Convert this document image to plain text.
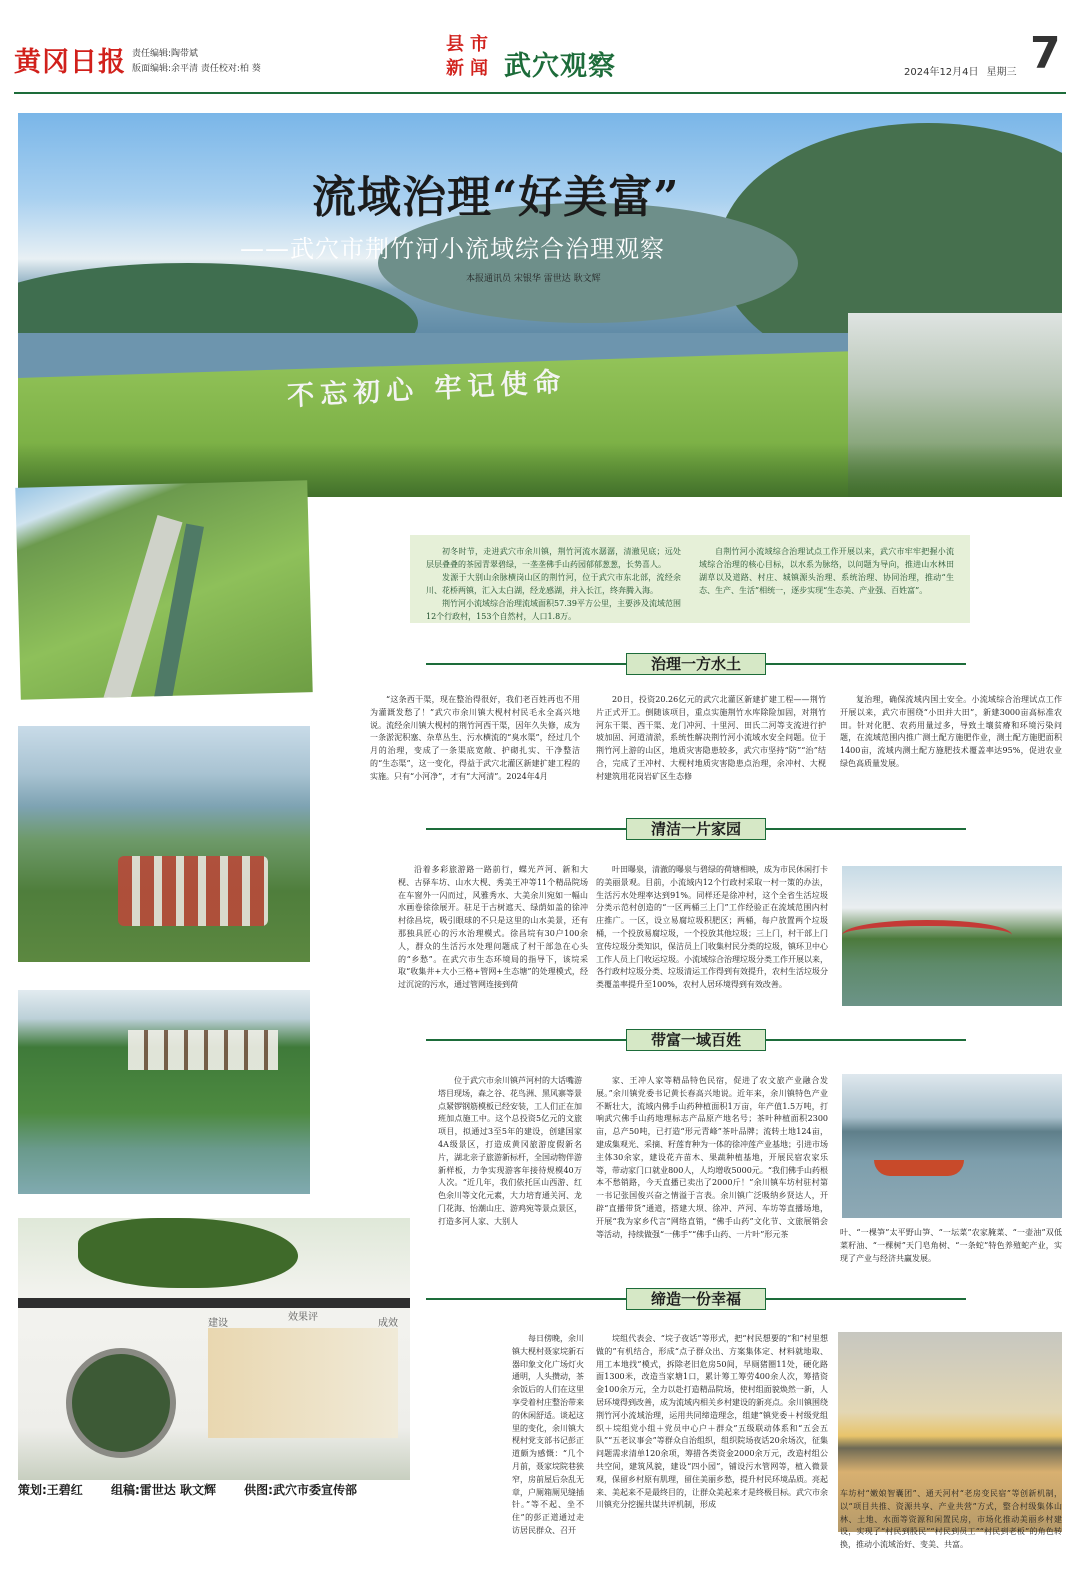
黄冈日报 责任编辑:陶带斌
版面编辑:余平清 责任校对:柏 葵
县 市
新 闻 武穴观察	2024年12月4日 星期三 7
流域治理“好美富”
——武穴市荆竹河小流域综合治理观察
本报通讯员 宋银华 雷世达 耿文辉
不忘初心 牢记使命
建设
效果评
成效

初冬时节，走进武穴市余川镇，荆竹河流水潺潺，清澈见底；远处层层叠叠的茶园青翠碧绿，一垄垄佛手山药园郁郁葱葱，长势喜人。

发源于大别山余脉横岗山区的荆竹河，位于武穴市东北部，流经余川、花桥两镇，汇入太白湖，经龙感湖，并入长江，终奔腾入海。

荆竹河小流域综合治理流域面积57.39平方公里，主要涉及流域范围12个行政村，153个自然村，人口1.8万。

自荆竹河小流域综合治理试点工作开展以来，武穴市牢牢把握小流域综合治理的核心目标，以水系为脉络，以问题为导向，推进山水林田湖草以及道路、村庄、城镇源头治理、系统治理、协同治理，推动“生态、生产、生活”相统一，逐步实现“生态美、产业强、百姓富”。

治理一方水土

“这条西干渠，现在整治得很好，我们老百姓再也不用为灌溉发愁了！”武穴市余川镇大枧村村民毛永全高兴地说。流经余川镇大枧村的荆竹河西干渠，因年久失修，成为一条淤泥积塞、杂草丛生、污水横流的“臭水渠”，经过几个月的治理，变成了一条渠底宽敞、护砌扎实、干净整洁的“生态渠”，这一变化，得益于武穴北灌区新建扩建工程的实施。只有“小河净”，才有“大河清”。2024年4月

20日，投资20.26亿元的武穴北灌区新建扩建工程——荆竹片正式开工。倒随该项目，重点实施荆竹水库除险加固，对荆竹河东干渠、西干渠、龙门冲河、十里河、田氏二河等支流进行护坡加固、河道清淤，系统性解决荆竹河小流域水安全问题。位于荆竹河上游的山区，地质灾害隐患较多，武穴市坚持“防”“治”结合，完成了王冲村、大枧村地质灾害隐患点治理，余冲村、大枧村建筑用花岗岩矿区生态修

复治理，确保流域内国土安全。小流域综合治理试点工作开展以来，武穴市围绕“小田并大田”，新建3000亩高标准农田。针对化肥、农药用量过多，导致土壤贫瘠和环境污染问题，在流域范围内推广测土配方施肥作业，测土配方施肥面积1400亩，流域内测土配方施肥技术覆盖率达95%，促进农业绿色高质量发展。

清洁一片家园

沿着多彩旅游路一路前行，蝶光芦河、新和大枧、古驿车坊、山水大枧、秀美王冲等11个精品院场在车窗外一闪而过，风雅秀水、大美余川宛如一幅山水画卷徐徐展开。驻足于古树遮天、绿荫如盖的徐冲村徐昌垸，吸引眼球的不只是这里的山水美景，还有那独具匠心的污水治理模式。徐昌垸有30户100余人，群众的生活污水处理问题成了村干部急在心头的“乡愁”。在武穴市生态环境局的指导下，该垸采取“收集井+大小三格+管网+生态塘”的处理模式，经过沉淀的污水，通过管网连接到荷

叶田曝泉，清澈的曝泉与碧绿的荷塘相映，成为市民休闲打卡的美丽景观。目前，小流域内12个行政村采取一村一策的办法，生活污水处理率达到91%。同样还是徐冲村，这个全省生活垃圾分类示范村创造的“一区两桶三上门”工作经验正在流域范围内村庄推广。一区，设立易腐垃圾积肥区；两桶，每户放置两个垃圾桶，一个投放易腐垃圾，一个投放其他垃圾；三上门，村干部上门宣传垃圾分类知识，保洁员上门收集村民分类的垃圾，镇环卫中心工作人员上门收运垃圾。小流域综合治理垃圾分类工作开展以来，各行政村垃圾分类、垃圾清运工作得到有效提升，农村生活垃圾分类覆盖率提升至100%，农村人居环境得到有效改善。

带富一域百姓

位于武穴市余川镇芦河村的大话嘴游塔目现场，森之谷、花鸟洲、黑风寨等景点紧锣钢筋模板已经安装，工人们正在加班加点施工中。这个总投资5亿元的文旅项目，拟通过3至5年的建设，创建国家4A级景区，打造成黄冈旅游度假新名片，湖北亲子旅游新标杆，全国动物伴游新样板，力争实现游客年接待规模40万人次。“近几年，我们依托匡山西游、红色余川等文化元素，大力培育通关河、龙门花海、怡潮山庄、游鸡宛等景点景区，打造多河人家、大别人

家、王冲人家等精品特色民宿，促进了农文旅产业融合发展。”余川镇党委书记黄长春高兴地说。近年来，余川镇特色产业不断壮大，流域内佛手山药种植面积1万亩，年产值1.5万吨，打响武穴佛手山药地理标志产品原产地名号；茶叶种植面积2300亩，总产50吨，已打造“形元青峰”茶叶品牌；流转土地124亩，建成集观光、采摘、籽莲育种为一体的徐冲莲产业基地；引进市场主体30余家，建设花卉苗木、果蔬种植基地，开展民宿农家乐等，带动家门口就业800人，人均增收5000元。“我们佛手山药根本不愁销路，今天直播已卖出了2000斤！”余川镇车坊村驻村第一书记张国俊兴奋之情溢于言表。余川镇广泛吸纳乡贤达人，开辟“直播带货”通道，搭建大坝、徐冲、芦河、车坊等直播场地，开展“我为家乡代言”网络直销，“佛手山药”文化节、文旅展销会等活动，持续做强“一佛手”“佛手山药、一片叶”形元茶	叶、“一棵笋”太平野山笋、“一坛菜”农家腌菜、“一壶油”双低菜籽油、“一棵树”天门皂角树、“一条蛇”特色养殖蛇产业，实现了产业与经济共赢发展。
缔造一份幸福

每日傍晚，余川镇大枧村聂家垸新石器印象文化广场灯火通明，人头攒动，茶余饭后的人们在这里享受着村庄整治带来的休闲舒适。谈起这里的变化，余川镇大枧村党支部书记彭正道颇为感慨：“几个月前，聂家垸院巷狭窄，房前屋后杂乱无章，户厕箱厕见缝插针。”等不起、坐不住”的彭正道通过走访居民群众、召开

垸组代表会、“垸子夜话”等形式，把“村民想要的”和“村里想做的”有机结合，形成“点子群众出、方案集体定、材料就地取、用工本地找”模式，拆除老旧危房50间，早厕猪圈11处，硬化路面1300米，改造当家塘1口，累计筹工筹劳400余人次，筹措资金100余万元，全力以赴打造精品院场，使村组面貌焕然一新，人居环境得到改善，成为流域内相关乡村建设的新亮点。余川镇围绕荆竹河小流域治理，运用共同缔造理念，组建“镇党委＋村级党组织＋垸组党小组＋党员中心户＋群众”五级联动体系和“五会五队”“五老议事会”等群众自治组织，组织院场夜话20余场次，征集问题需求清单120余项，筹措各类资金2000余万元，改造村组公共空间，建筑风貌，建设“四小园”，铺设污水管网等，植入微景观，保留乡村原有肌理，留住美丽乡愁，提升村民环境品质。亮起来、美起来不是最终目的，让群众美起来才是终极目标。武穴市余川镇充分挖掘共谋共评机制，形成

车坊村“嫩娘智囊团”、通天河村“老房变民宿”等创新机制，以“项目共推、资源共享、产业共营”方式，整合村级集体山林、土地、水面等资源和闲置民房，市场化推动美丽乡村建设，实现了“村民到股民”“村民到员工”“村民到老板”的角色转换，推动小流域治好、变美、共富。
策划:王碧红 组稿:雷世达 耿文辉 供图:武穴市委宣传部
